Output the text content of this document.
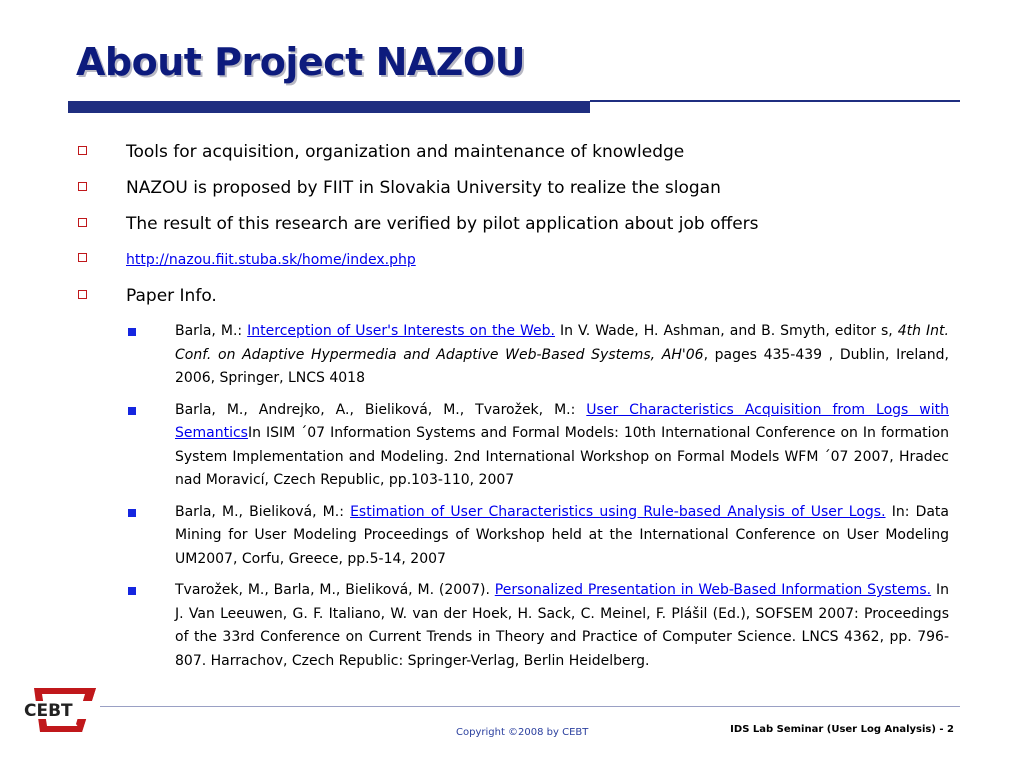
About Project NAZOU
Tools for acquisition, organization and maintenance of knowledge
NAZOU is proposed by FIIT in Slovakia University to realize the slogan
The result of this research are verified by pilot application about job offers
http://nazou.fiit.stuba.sk/home/index.php
Paper Info.
Barla, M.: Interception of User's Interests on the Web. In V. Wade, H. Ashman, and B. Smyth, editor s, 4th Int. Conf. on Adaptive Hypermedia and Adaptive Web-Based Systems, AH'06, pages 435-439 , Dublin, Ireland, 2006, Springer, LNCS 4018
Barla, M., Andrejko, A., Bieliková, M., Tvarožek, M.: User Characteristics Acquisition from Logs with SemanticsIn ISIM ´07 Information Systems and Formal Models: 10th International Conference on In formation System Implementation and Modeling. 2nd International Workshop on Formal Models WFM ´07 2007, Hradec nad Moravicí, Czech Republic, pp.103-110, 2007
Barla, M., Bieliková, M.: Estimation of User Characteristics using Rule-based Analysis of User Logs. In: Data Mining for User Modeling Proceedings of Workshop held at the International Conference on User Modeling UM2007, Corfu, Greece, pp.5-14, 2007
Tvarožek, M., Barla, M., Bieliková, M. (2007). Personalized Presentation in Web-Based Information Systems. In J. Van Leeuwen, G. F. Italiano, W. van der Hoek, H. Sack, C. Meinel, F. Plášil (Ed.), SOFSEM 2007: Proceedings of the 33rd Conference on Current Trends in Theory and Practice of Computer Science. LNCS 4362, pp. 796-807. Harrachov, Czech Republic: Springer-Verlag, Berlin Heidelberg.
CEBT
Copyright ©2008 by CEBT	IDS Lab Seminar (User Log Analysis) - 2
